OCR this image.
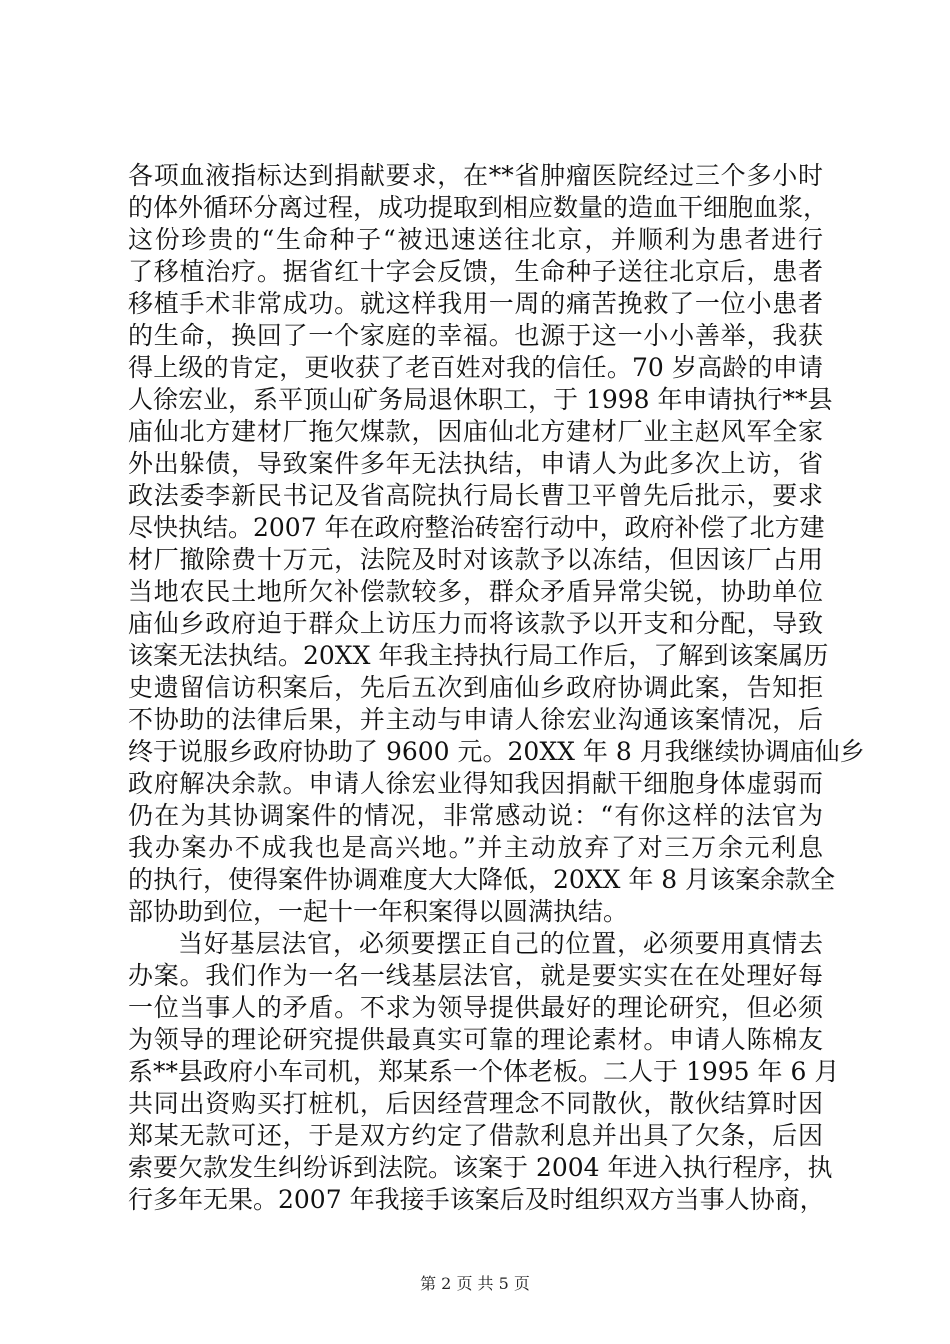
各项血液指标达到捐献要求，在**省肿瘤医院经过三个多小时
的体外循环分离过程，成功提取到相应数量的造血干细胞血浆，
这份珍贵的“生命种子“被迅速送往北京，并顺利为患者进行
了移植治疗。据省红十字会反馈，生命种子送往北京后，患者
移植手术非常成功。就这样我用一周的痛苦挽救了一位小患者
的生命，换回了一个家庭的幸福。也源于这一小小善举，我获
得上级的肯定，更收获了老百姓对我的信任。70 岁高龄的申请
人徐宏业，系平顶山矿务局退休职工，于 1998 年申请执行**县
庙仙北方建材厂拖欠煤款，因庙仙北方建材厂业主赵风军全家
外出躲债，导致案件多年无法执结，申请人为此多次上访，省
政法委李新民书记及省高院执行局长曹卫平曾先后批示，要求
尽快执结。2007 年在政府整治砖窑行动中，政府补偿了北方建
材厂撤除费十万元，法院及时对该款予以冻结，但因该厂占用
当地农民土地所欠补偿款较多，群众矛盾异常尖锐，协助单位
庙仙乡政府迫于群众上访压力而将该款予以开支和分配，导致
该案无法执结。20XX 年我主持执行局工作后，了解到该案属历
史遗留信访积案后，先后五次到庙仙乡政府协调此案，告知拒
不协助的法律后果，并主动与申请人徐宏业沟通该案情况，后
终于说服乡政府协助了 9600 元。20XX 年 8 月我继续协调庙仙乡
政府解决余款。申请人徐宏业得知我因捐献干细胞身体虚弱而
仍在为其协调案件的情况，非常感动说：“有你这样的法官为
我办案办不成我也是高兴地。”并主动放弃了对三万余元利息
的执行，使得案件协调难度大大降低，20XX 年 8 月该案余款全
部协助到位，一起十一年积案得以圆满执结。
当好基层法官，必须要摆正自己的位置，必须要用真情去
办案。我们作为一名一线基层法官，就是要实实在在处理好每
一位当事人的矛盾。不求为领导提供最好的理论研究，但必须
为领导的理论研究提供最真实可靠的理论素材。申请人陈棉友
系**县政府小车司机，郑某系一个体老板。二人于 1995 年 6 月
共同出资购买打桩机，后因经营理念不同散伙，散伙结算时因
郑某无款可还，于是双方约定了借款利息并出具了欠条，后因
索要欠款发生纠纷诉到法院。该案于 2004 年进入执行程序，执
行多年无果。2007 年我接手该案后及时组织双方当事人协商，
第 2 页 共 5 页
